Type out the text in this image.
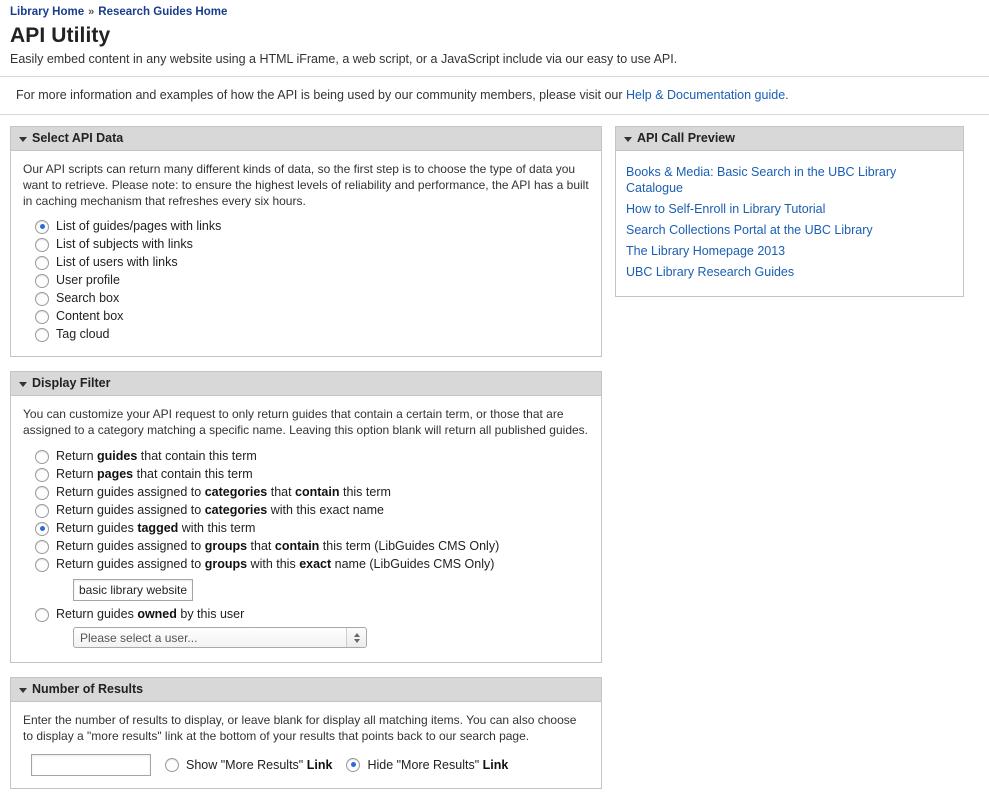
Library Home » Research Guides Home
API Utility
Easily embed content in any website using a HTML iFrame, a web script, or a JavaScript include via our easy to use API.
For more information and examples of how the API is being used by our community members, please visit our Help & Documentation guide.
Select API Data
Our API scripts can return many different kinds of data, so the first step is to choose the type of data you want to retrieve. Please note: to ensure the highest levels of reliability and performance, the API has a built in caching mechanism that refreshes every six hours.
List of guides/pages with links
List of subjects with links
List of users with links
User profile
Search box
Content box
Tag cloud
Display Filter
You can customize your API request to only return guides that contain a certain term, or those that are assigned to a category matching a specific name. Leaving this option blank will return all published guides.
Return guides that contain this term
Return pages that contain this term
Return guides assigned to categories that contain this term
Return guides assigned to categories with this exact name
Return guides tagged with this term
Return guides assigned to groups that contain this term (LibGuides CMS Only)
Return guides assigned to groups with this exact name (LibGuides CMS Only)
basic library website
Return guides owned by this user
Please select a user...
Number of Results
Enter the number of results to display, or leave blank for display all matching items. You can also choose to display a "more results" link at the bottom of your results that points back to our search page.
Show "More Results" Link	Hide "More Results" Link
API Call Preview
Books & Media: Basic Search in the UBC Library Catalogue
How to Self-Enroll in Library Tutorial
Search Collections Portal at the UBC Library
The Library Homepage 2013
UBC Library Research Guides
